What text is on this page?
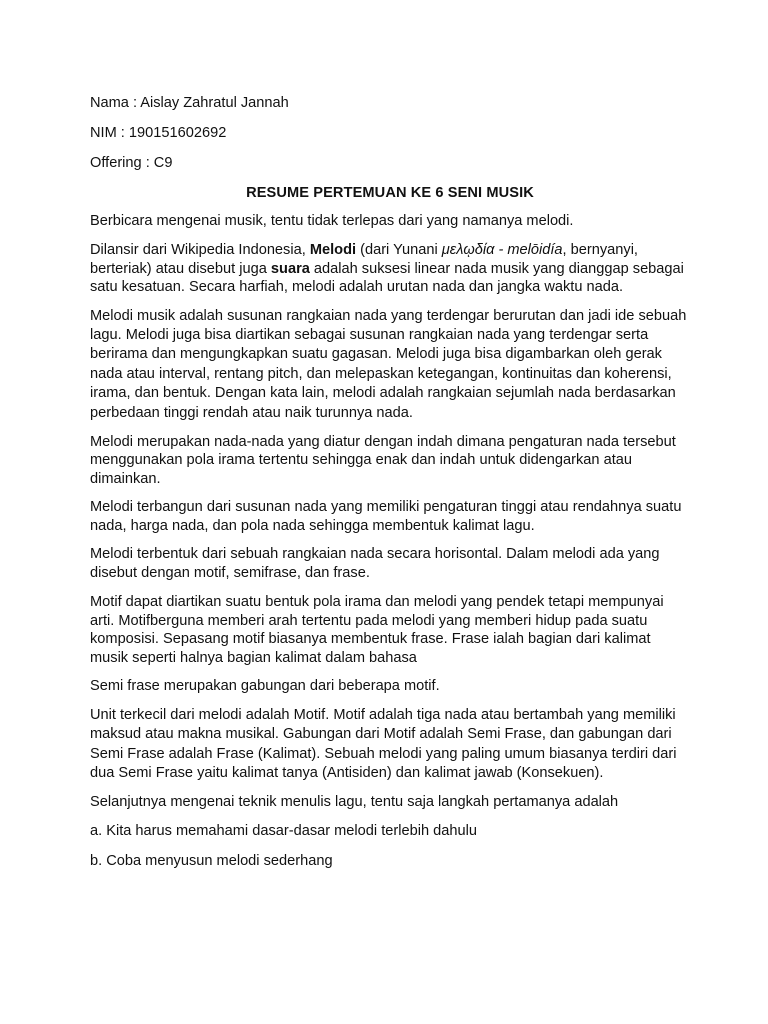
Nama : Aislay Zahratul Jannah
NIM : 190151602692
Offering : C9
RESUME PERTEMUAN KE 6 SENI MUSIK

Berbicara mengenai musik, tentu tidak terlepas dari yang namanya melodi.

Dilansir dari Wikipedia Indonesia, Melodi (dari Yunani μελῳδία - melōidía, bernyanyi, berteriak) atau disebut juga suara adalah suksesi linear nada musik yang dianggap sebagai satu kesatuan. Secara harfiah, melodi adalah urutan nada dan jangka waktu nada.

Melodi musik adalah susunan rangkaian nada yang terdengar berurutan dan jadi ide sebuah lagu. Melodi juga bisa diartikan sebagai susunan rangkaian nada yang terdengar serta berirama dan mengungkapkan suatu gagasan. Melodi juga bisa digambarkan oleh gerak nada atau interval, rentang pitch, dan melepaskan ketegangan, kontinuitas dan koherensi, irama, dan bentuk. Dengan kata lain, melodi adalah rangkaian sejumlah nada berdasarkan perbedaan tinggi rendah atau naik turunnya nada.

Melodi merupakan nada-nada yang diatur dengan indah dimana pengaturan nada tersebut menggunakan pola irama tertentu sehingga enak dan indah untuk didengarkan atau dimainkan.

Melodi terbangun dari susunan nada yang memiliki pengaturan tinggi atau rendahnya suatu nada, harga nada, dan pola nada sehingga membentuk kalimat lagu.

Melodi terbentuk dari sebuah rangkaian nada secara horisontal. Dalam melodi ada yang disebut dengan motif, semifrase, dan frase.

Motif dapat diartikan suatu bentuk pola irama dan melodi yang pendek tetapi mempunyai arti. Motifberguna memberi arah tertentu pada melodi yang memberi hidup pada suatu komposisi. Sepasang motif biasanya membentuk frase. Frase ialah bagian dari kalimat musik seperti halnya bagian kalimat dalam bahasa

Semi frase merupakan gabungan dari beberapa motif.

Unit terkecil dari melodi adalah Motif. Motif adalah tiga nada atau bertambah yang memiliki maksud atau makna musikal. Gabungan dari Motif adalah Semi Frase, dan gabungan dari Semi Frase adalah Frase (Kalimat). Sebuah melodi yang paling umum biasanya terdiri dari dua Semi Frase yaitu kalimat tanya (Antisiden) dan kalimat jawab (Konsekuen).

Selanjutnya mengenai teknik menulis lagu, tentu saja langkah pertamanya adalah

a. Kita harus memahami dasar-dasar melodi terlebih dahulu
b. Coba menyusun melodi sederhang
